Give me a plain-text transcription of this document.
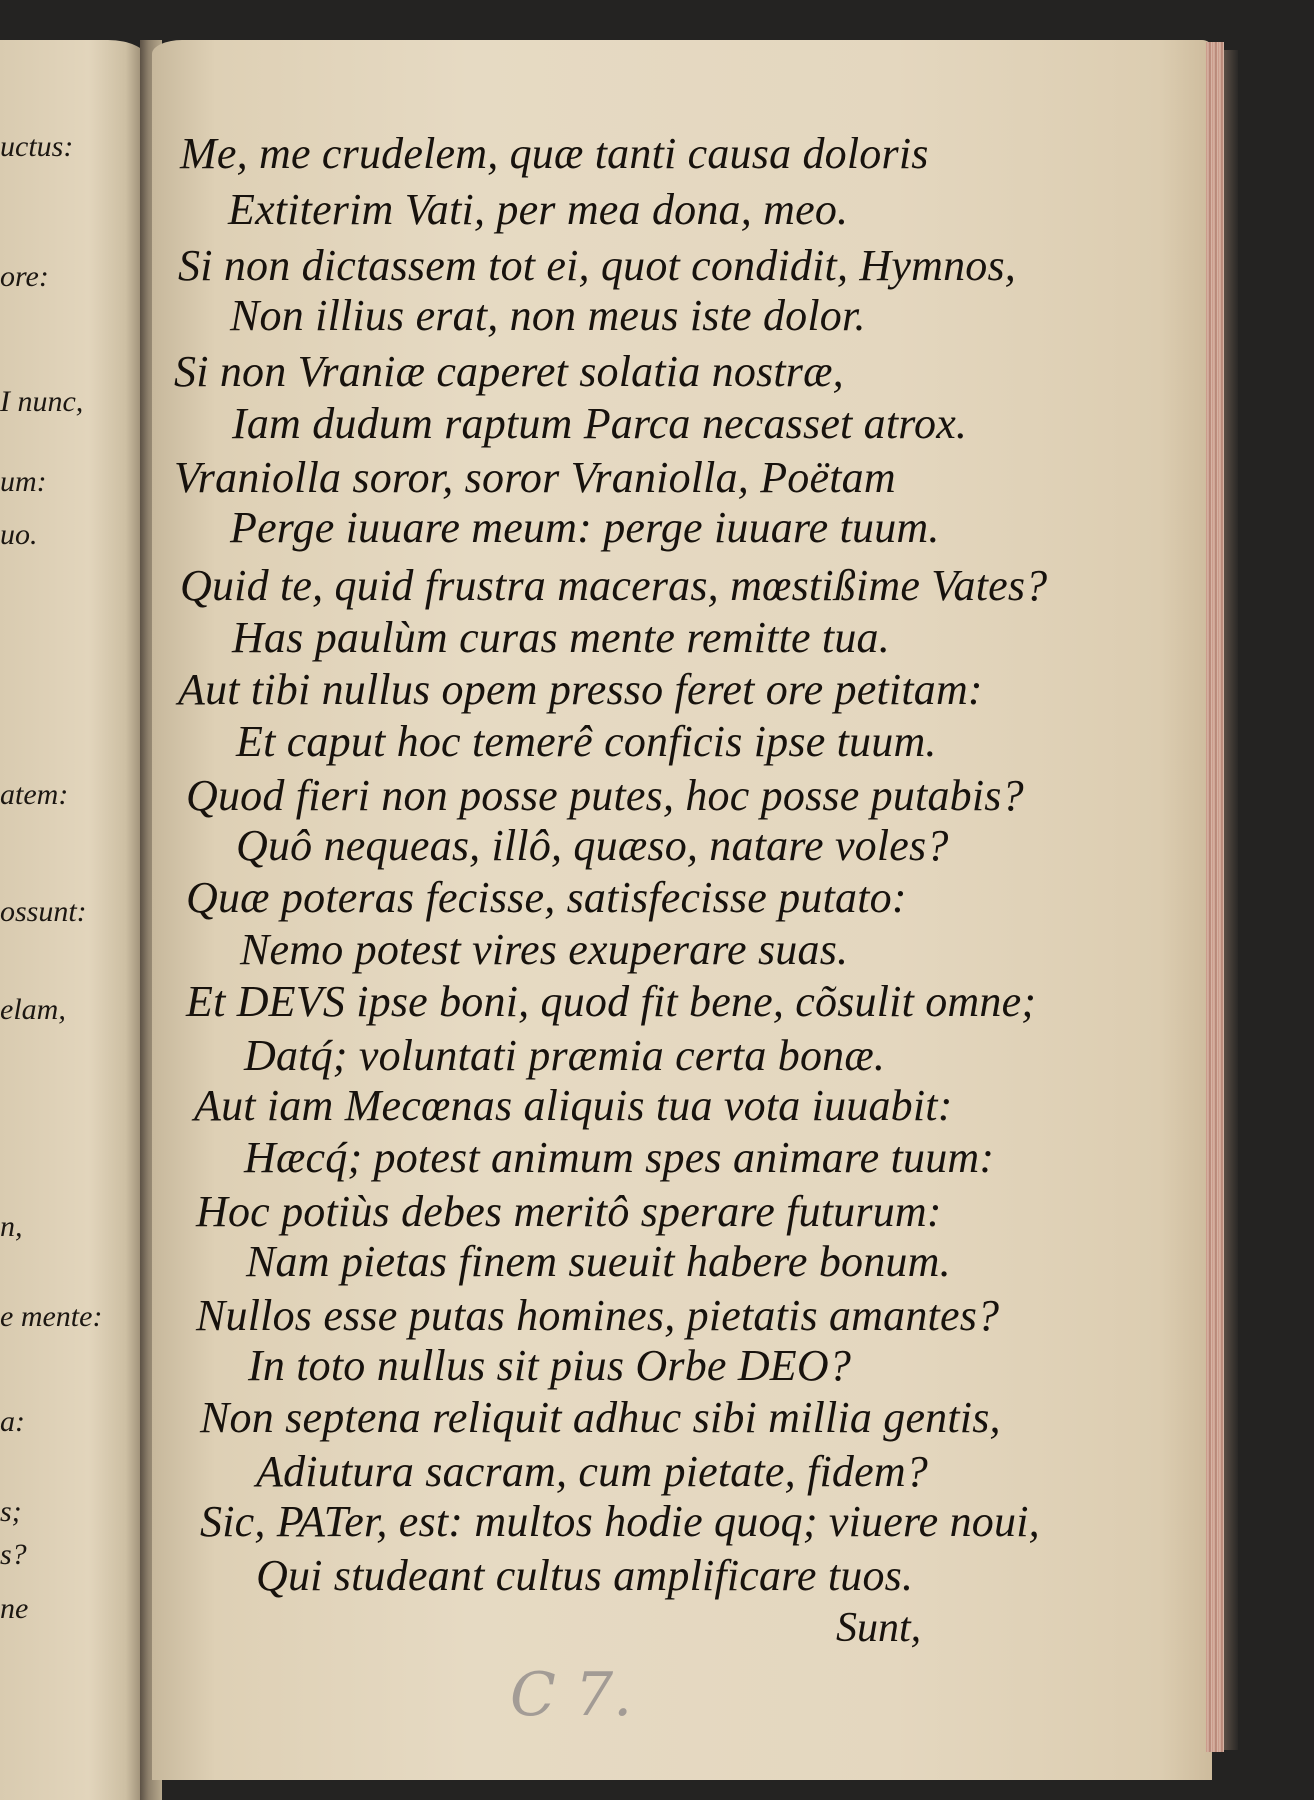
uctus:
ore:
I nunc,
um:
uo.
atem:
ossunt:
elam,
n,
e mente:
a:
s;
s?
ne
Me, me crudelem, quæ tanti causa doloris
Extiterim Vati, per mea dona, meo.
Si non dictassem tot ei, quot condidit, Hymnos,
Non illius erat, non meus iste dolor.
Si non Vraniæ caperet solatia nostræ,
Iam dudum raptum Parca necasset atrox.
Vraniolla soror, soror Vraniolla, Poëtam
Perge iuuare meum: perge iuuare tuum.
Quid te, quid frustra maceras, mœstißime Vates?
Has paulùm curas mente remitte tua.
Aut tibi nullus opem presso feret ore petitam:
Et caput hoc temerê conficis ipse tuum.
Quod fieri non posse putes, hoc posse putabis?
Quô nequeas, illô, quæso, natare voles?
Quæ poteras fecisse, satisfecisse putato:
Nemo potest vires exuperare suas.
Et DEVS ipse boni, quod fit bene, cõsulit omne;
Datq́; voluntati præmia certa bonæ.
Aut iam Mecœnas aliquis tua vota iuuabit:
Hæcq́; potest animum spes animare tuum:
Hoc potiùs debes meritô sperare futurum:
Nam pietas finem sueuit habere bonum.
Nullos esse putas homines, pietatis amantes?
In toto nullus sit pius Orbe DEO?
Non septena reliquit adhuc sibi millia gentis,
Adiutura sacram, cum pietate, fidem?
Sic, PATer, est: multos hodie quoq; viuere noui,
Qui studeant cultus amplificare tuos.
Sunt,
C 7.
